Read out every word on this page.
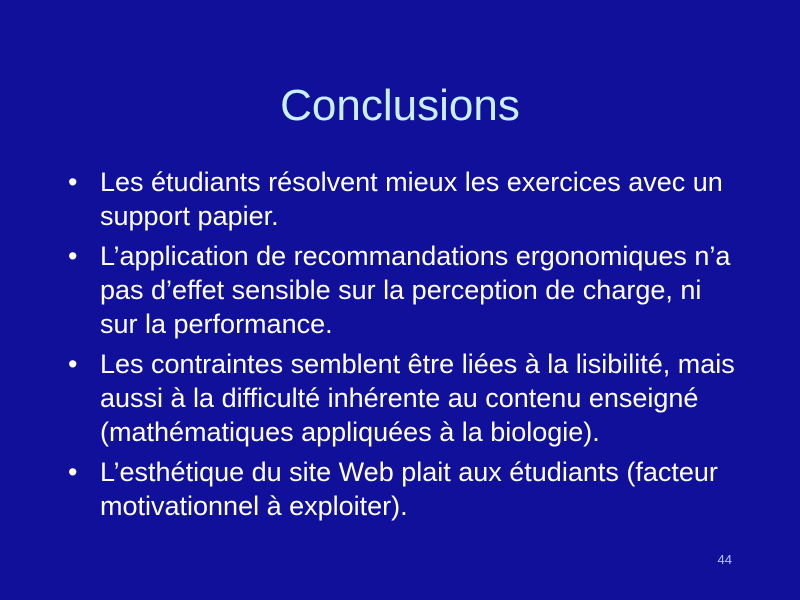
Conclusions
• Les étudiants résolvent mieux les exercices avec un support papier.
• L’application de recommandations ergonomiques n’a pas d’effet sensible sur la perception de charge, ni sur la performance.
• Les contraintes semblent être liées à la lisibilité, mais aussi à la difficulté inhérente au contenu enseigné (mathématiques appliquées à la biologie).
• L’esthétique du site Web plait aux étudiants (facteur motivationnel à exploiter).
44
